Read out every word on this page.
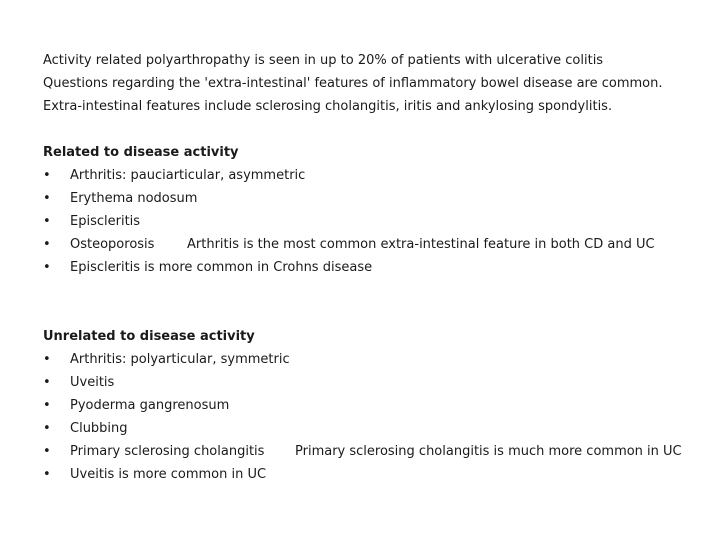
Activity related polyarthropathy is seen in up to 20% of patients with ulcerative colitis
Questions regarding the 'extra-intestinal' features of inflammatory bowel disease are common.
Extra-intestinal features include sclerosing cholangitis, iritis and ankylosing spondylitis.
Related to disease activity
• Arthritis: pauciarticular, asymmetric
• Erythema nodosum
• Episcleritis
• Osteoporosis	Arthritis is the most common extra-intestinal feature in both CD and UC
• Episcleritis is more common in Crohns disease
Unrelated to disease activity
• Arthritis: polyarticular, symmetric
• Uveitis
• Pyoderma gangrenosum
• Clubbing
• Primary sclerosing cholangitis Primary sclerosing cholangitis is much more common in UC
• Uveitis is more common in UC
